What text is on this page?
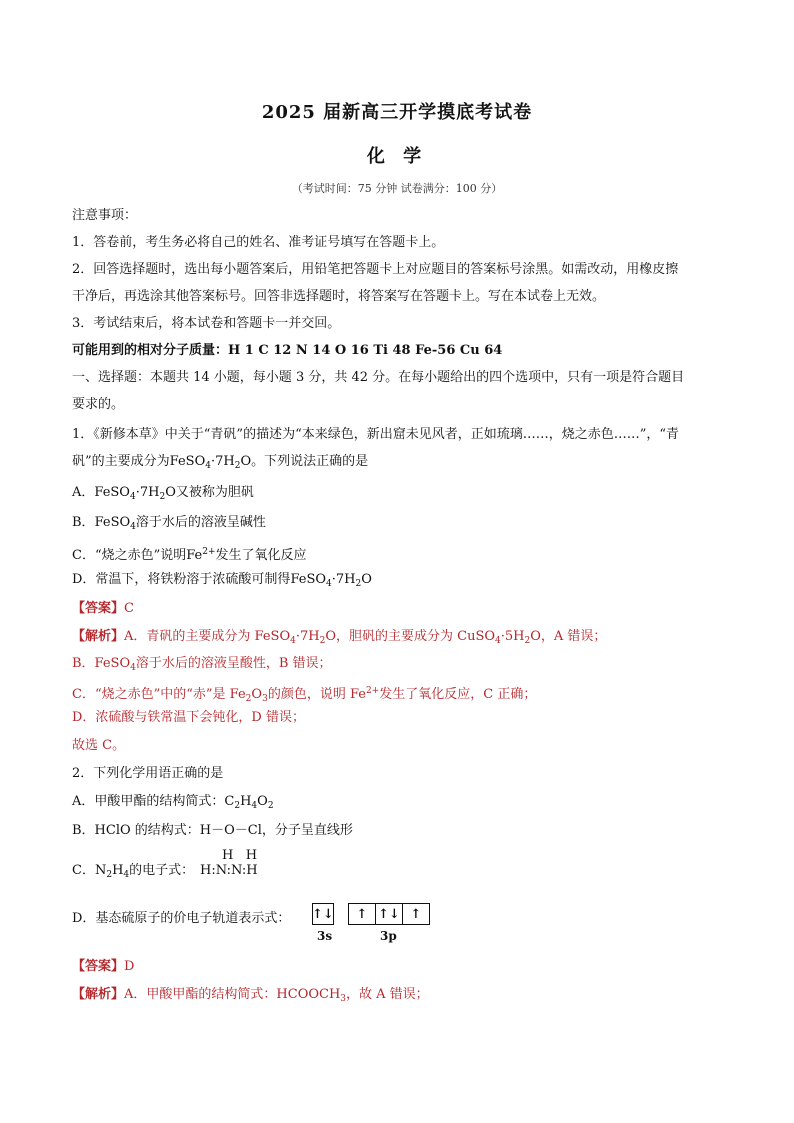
2025 届新高三开学摸底考试卷
化 学
（考试时间：75 分钟 试卷满分：100 分）
注意事项：
1．答卷前，考生务必将自己的姓名、准考证号填写在答题卡上。
2．回答选择题时，选出每小题答案后，用铅笔把答题卡上对应题目的答案标号涂黑。如需改动，用橡皮擦
干净后，再选涂其他答案标号。回答非选择题时，将答案写在答题卡上。写在本试卷上无效。
3．考试结束后，将本试卷和答题卡一并交回。
可能用到的相对分子质量：H 1 C 12 N 14 O 16 Ti 48 Fe-56 Cu 64
一、选择题：本题共 14 小题，每小题 3 分，共 42 分。在每小题给出的四个选项中，只有一项是符合题目
要求的。
1．《新修本草》中关于“青矾”的描述为“本来绿色，新出窟未见风者，正如琉璃……，烧之赤色……”，“青
矾”的主要成分为$FeSO_4\cdot 7H_2O$。下列说法正确的是
A．$FeSO_4\cdot 7H_2O$又被称为胆矾
B．FeSO$_4$溶于水后的溶液呈碱性
C．“烧之赤色”说明$Fe^{2+}$发生了氧化反应
D．常温下，将铁粉溶于浓硫酸可制得$FeSO_4\cdot 7H_2O$
【答案】C
【解析】A．青矾的主要成分为 $FeSO_4\cdot 7H_2O$，胆矾的主要成分为 $CuSO_4\cdot 5H_2O$，A 错误；
B．FeSO$_4$溶于水后的溶液呈酸性，B 错误；
C．“烧之赤色”中的“赤”是 $Fe_2O_3$的颜色，说明 $Fe^{2+}$发生了氧化反应，C 正确；
D．浓硫酸与铁常温下会钝化，D 错误；
故选 C。
2．下列化学用语正确的是
A．甲酸甲酯的结构简式：$C_2H_4O_2$
B．HClO 的结构式：H－O－Cl，分子呈直线形
C．$N_2H_4$的电子式：
H   H
H:N:N:H
D．基态硫原子的价电子轨道表示式：	↑↓	↑ ↑↓ ↑
3s	3p
【答案】D
【解析】A．甲酸甲酯的结构简式：$HCOOCH_3$，故 A 错误；
